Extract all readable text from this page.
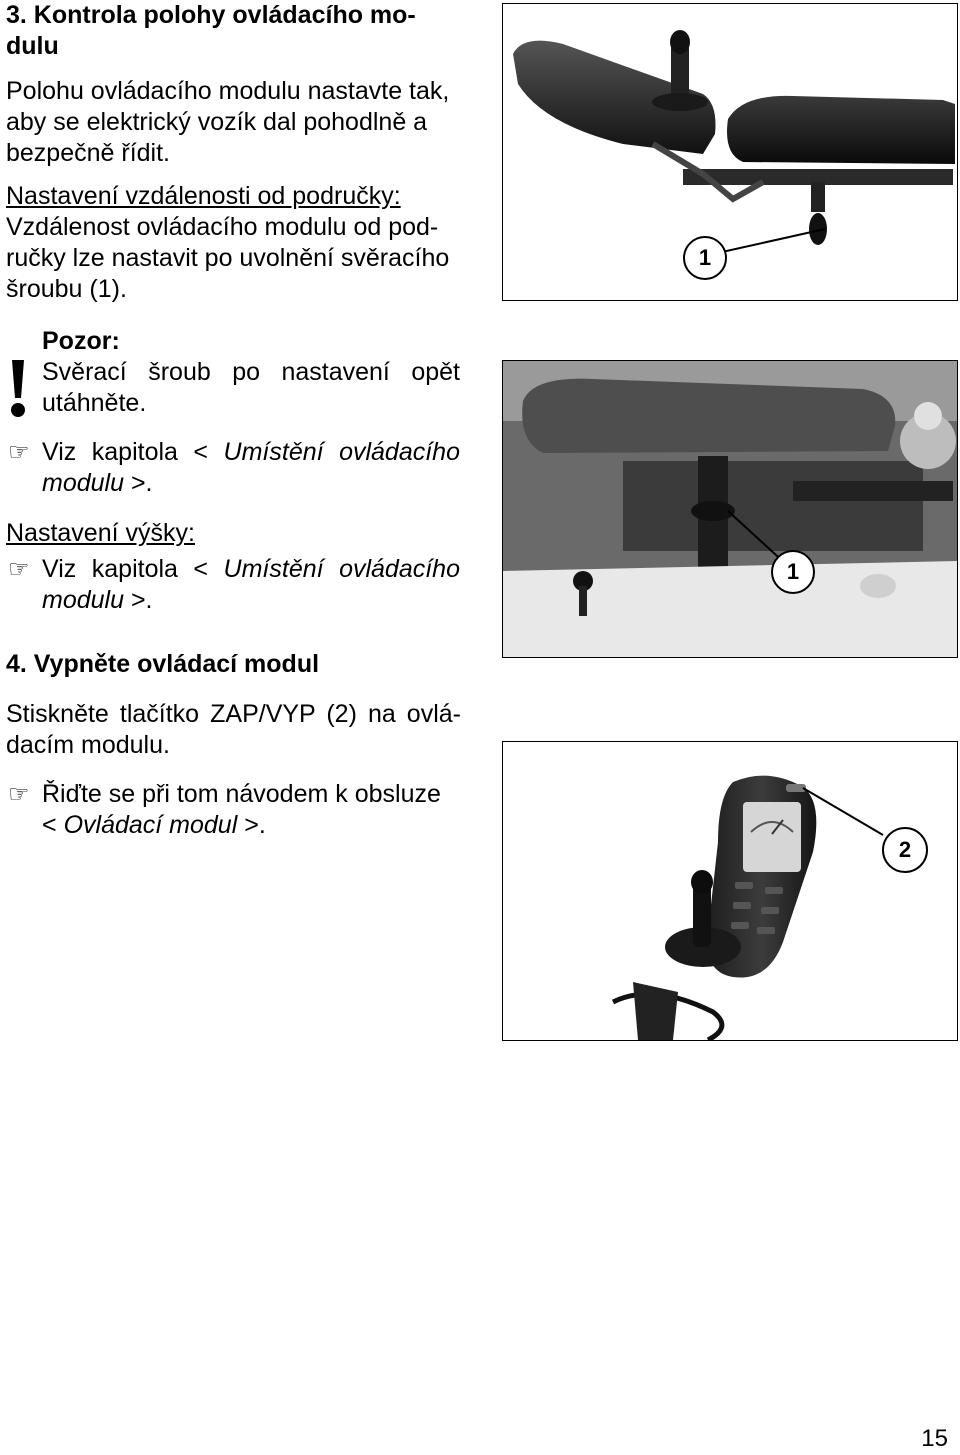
3. Kontrola polohy ovládacího mo-
dulu
Polohu ovládacího modulu nastavte tak,
aby se elektrický vozík dal pohodlně a
bezpečně řídit.
Nastavení vzdálenosti od područky:
Vzdálenost ovládacího modulu od pod-
ručky lze nastavit po uvolnění svěracího
šroubu (1).
Pozor:
Svěrací šroub po nastavení opět
utáhněte.
☞ Viz kapitola < Umístění ovládacího
modulu >.
Nastavení výšky:
☞ Viz kapitola < Umístění ovládacího
modulu >.
4. Vypněte ovládací modul
Stiskněte tlačítko ZAP/VYP (2) na ovlá-
dacím modulu.
☞ Řiďte se při tom návodem k obsluze
< Ovládací modul >.
1
1
2
15
